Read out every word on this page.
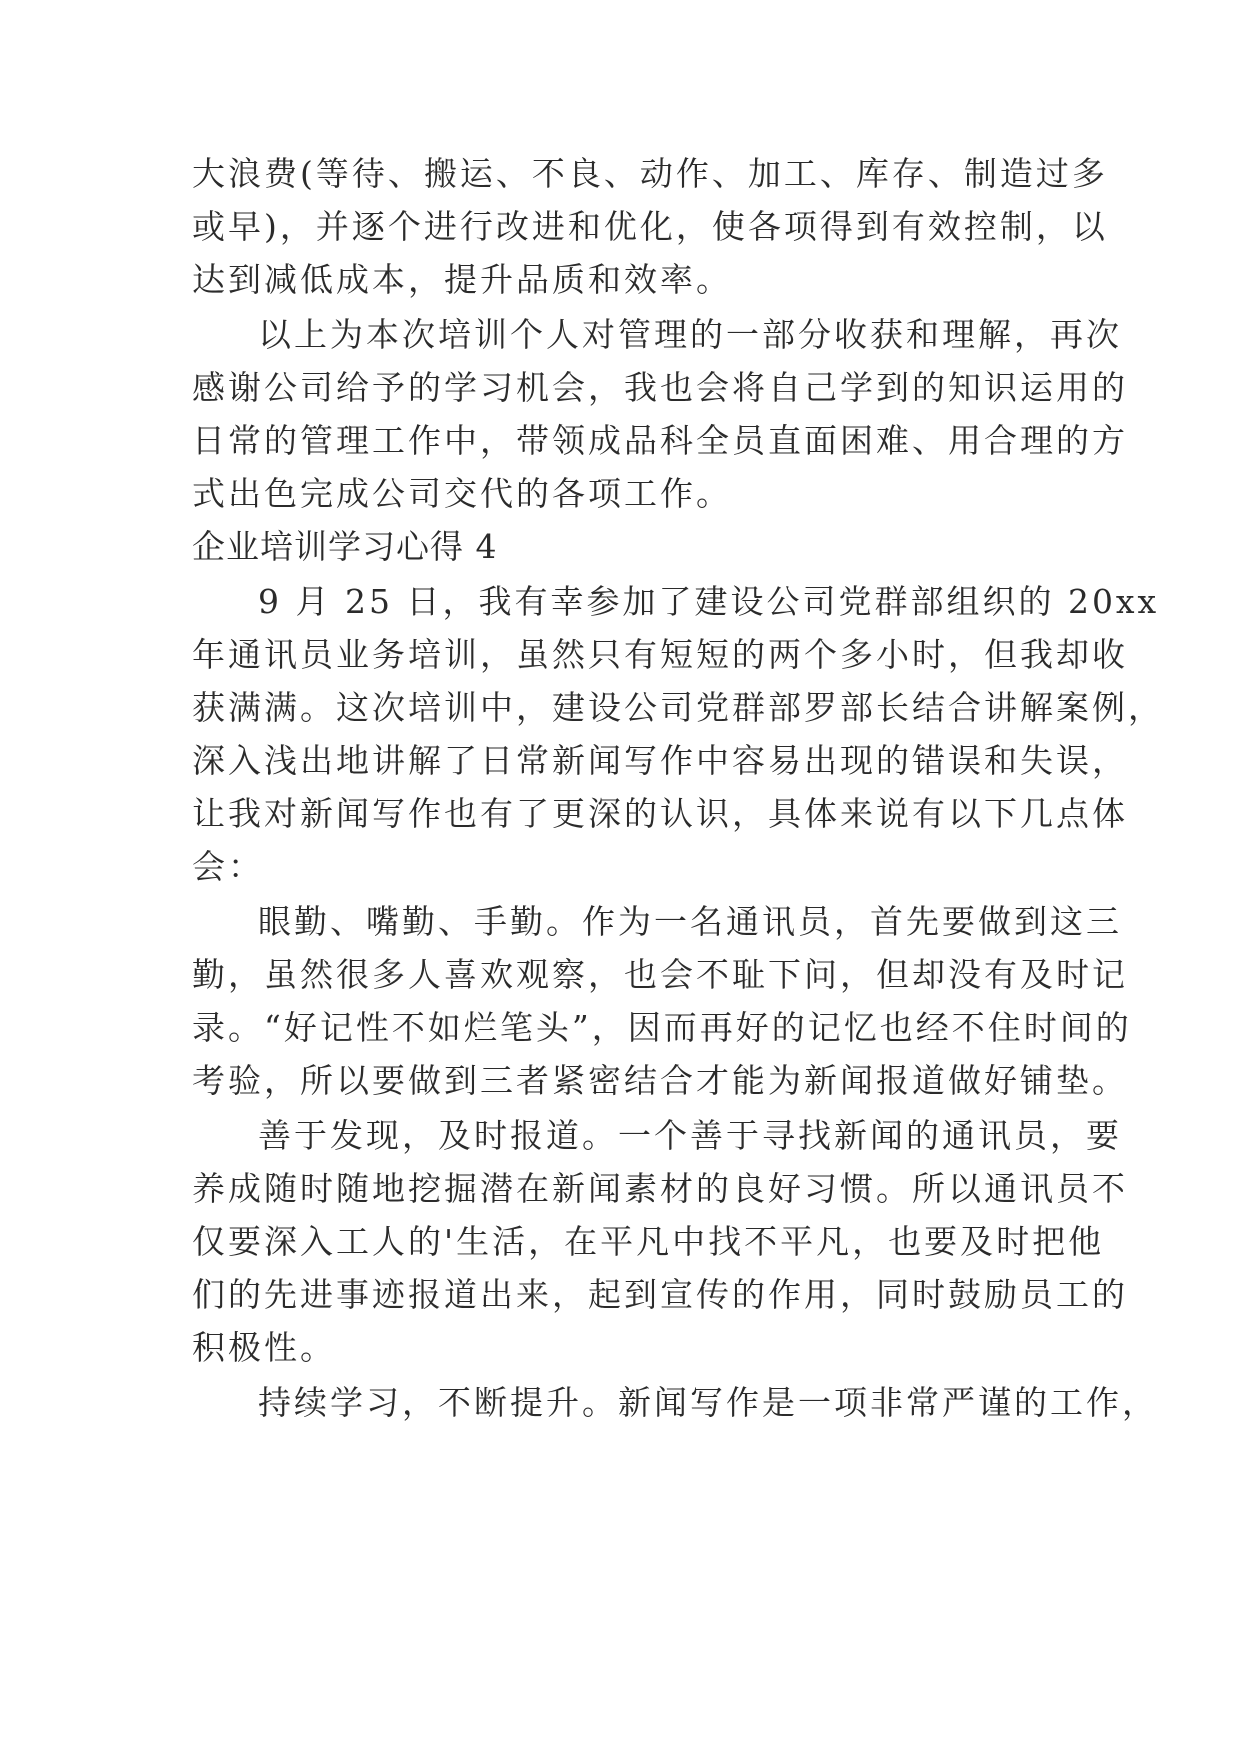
大浪费(等待、搬运、不良、动作、加工、库存、制造过多
或早)，并逐个进行改进和优化，使各项得到有效控制，以
达到减低成本，提升品质和效率。
以上为本次培训个人对管理的一部分收获和理解，再次
感谢公司给予的学习机会，我也会将自己学到的知识运用的
日常的管理工作中，带领成品科全员直面困难、用合理的方
式出色完成公司交代的各项工作。
企业培训学习心得 4
9 月 25 日，我有幸参加了建设公司党群部组织的 20xx
年通讯员业务培训，虽然只有短短的两个多小时，但我却收
获满满。这次培训中，建设公司党群部罗部长结合讲解案例，
深入浅出地讲解了日常新闻写作中容易出现的错误和失误，
让我对新闻写作也有了更深的认识，具体来说有以下几点体
会：
眼勤、嘴勤、手勤。作为一名通讯员，首先要做到这三
勤，虽然很多人喜欢观察，也会不耻下问，但却没有及时记
录。“好记性不如烂笔头”，因而再好的记忆也经不住时间的
考验，所以要做到三者紧密结合才能为新闻报道做好铺垫。
善于发现，及时报道。一个善于寻找新闻的通讯员，要
养成随时随地挖掘潜在新闻素材的良好习惯。所以通讯员不
仅要深入工人的'生活，在平凡中找不平凡，也要及时把他
们的先进事迹报道出来，起到宣传的作用，同时鼓励员工的
积极性。
持续学习，不断提升。新闻写作是一项非常严谨的工作，
